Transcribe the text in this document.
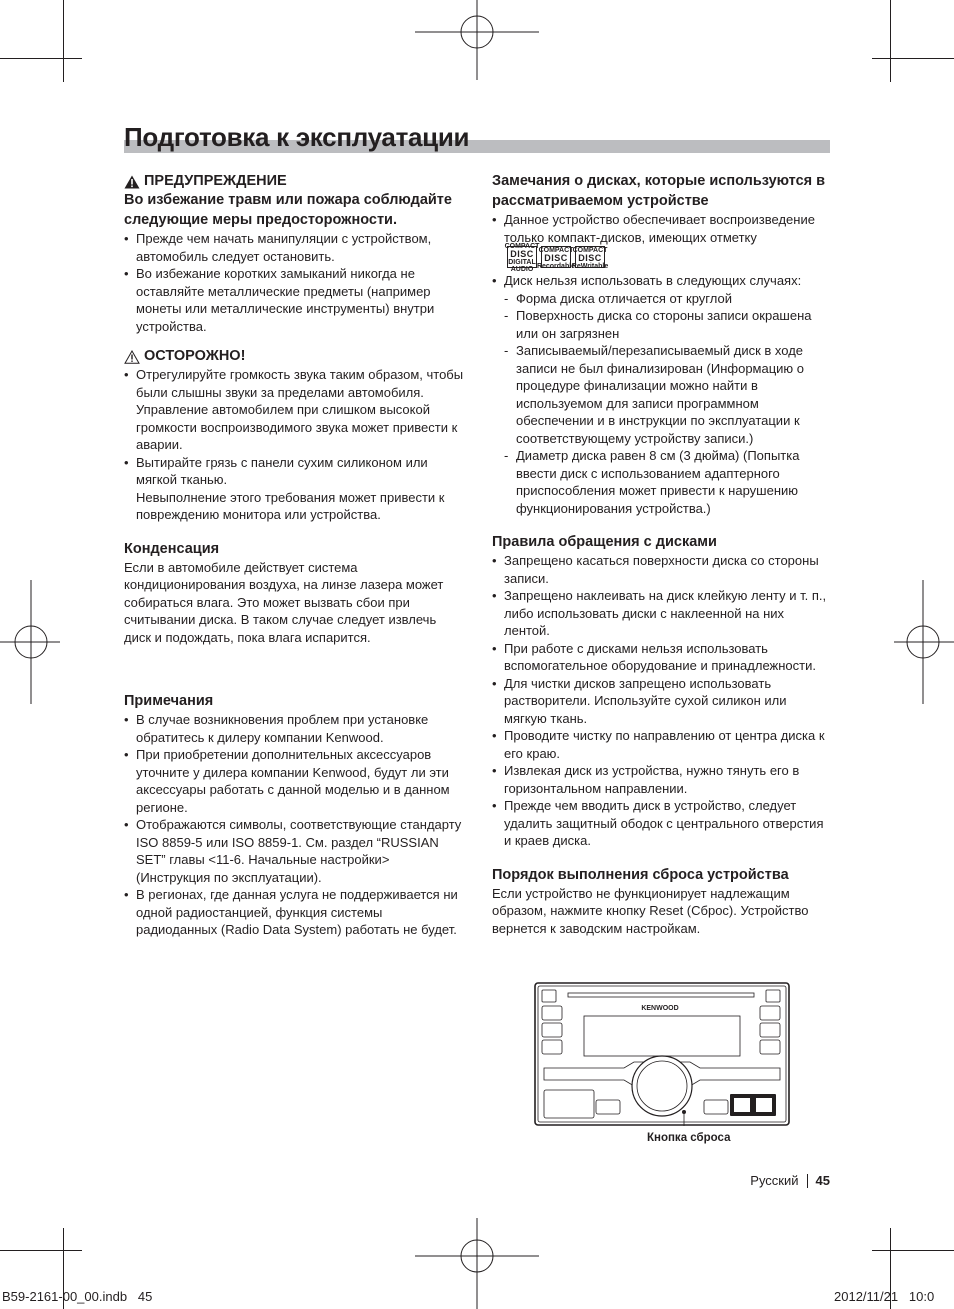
Подготовка к эксплуатации
ПРЕДУПРЕЖДЕНИЕ
Во избежание травм или пожара соблюдайте следующие меры предосторожности.
• Прежде чем начать манипуляции с устройством, автомобиль следует остановить.
• Во избежание коротких замыканий никогда не оставляйте металлические предметы (например монеты или металлические инструменты) внутри устройства.
ОСТОРОЖНО!
• Отрегулируйте громкость звука таким образом, чтобы были слышны звуки за пределами автомобиля. Управление автомобилем при слишком высокой громкости воспроизводимого звука может привести к аварии.
• Вытирайте грязь с панели сухим силиконом или мягкой тканью.
Невыполнение этого требования может привести к повреждению монитора или устройства.
Конденсация

Если в автомобиле действует система кондиционирования воздуха, на линзе лазера может собираться влага. Это может вызвать сбои при считывании диска. В таком случае следует извлечь диск и подождать, пока влага испарится.

Примечания
• В случае возникновения проблем при установке обратитесь к дилеру компании Kenwood.
• При приобретении дополнительных аксессуаров уточните у дилера компании Kenwood, будут ли эти аксессуары работать с данной моделью и в данном регионе.
• Отображаются символы, соответствующие стандарту ISO 8859-5 или ISO 8859-1. См. раздел “RUSSIAN SET” главы <11-6. Начальные настройки> (Инструкция по эксплуатации).
• В регионах, где данная услуга не поддерживается ни одной радиостанцией, функция системы радиоданных (Radio Data System) работать не будет.
Замечания о дисках, которые используются в рассматриваемом устройстве
• Данное устройство обеспечивает воспроизведение только компакт-дисков, имеющих отметку
COMPACT
DISC
DIGITAL AUDIO
COMPACT
DISC
Recordable
COMPACT
DISC
ReWritable
• Диск нельзя использовать в следующих случаях:
- Форма диска отличается от круглой
- Поверхность диска со стороны записи окрашена или он загрязнен
- Записываемый/перезаписываемый диск в ходе записи не был финализирован (Информацию о процедуре финализации можно найти в используемом для записи программном обеспечении и в инструкции по эксплуатации к соответствующему устройству записи.)
- Диаметр диска равен 8 см (3 дюйма) (Попытка ввести диск с использованием адаптерного приспособления может привести к нарушению функционирования устройства.)
Правила обращения с дисками
• Запрещено касаться поверхности диска со стороны записи.
• Запрещено наклеивать на диск клейкую ленту и т. п., либо использовать диски с наклеенной на них лентой.
• При работе с дисками нельзя использовать вспомогательное оборудование и принадлежности.
• Для чистки дисков запрещено использовать растворители. Используйте сухой силикон или мягкую ткань.
• Проводите чистку по направлению от центра диска к его краю.
• Извлекая диск из устройства, нужно тянуть его в горизонтальном направлении.
• Прежде чем вводить диск в устройство, следует удалить защитный ободок с центрального отверстия и краев диска.
Порядок выполнения сброса устройства

Если устройство не функционирует надлежащим образом, нажмите кнопку Reset (Сброс). Устройство вернется к заводским настройкам.

KENWOOD
Кнопка сброса
Русский 45
B59-2161-00_00.indb   45	2012/11/21   10:0
